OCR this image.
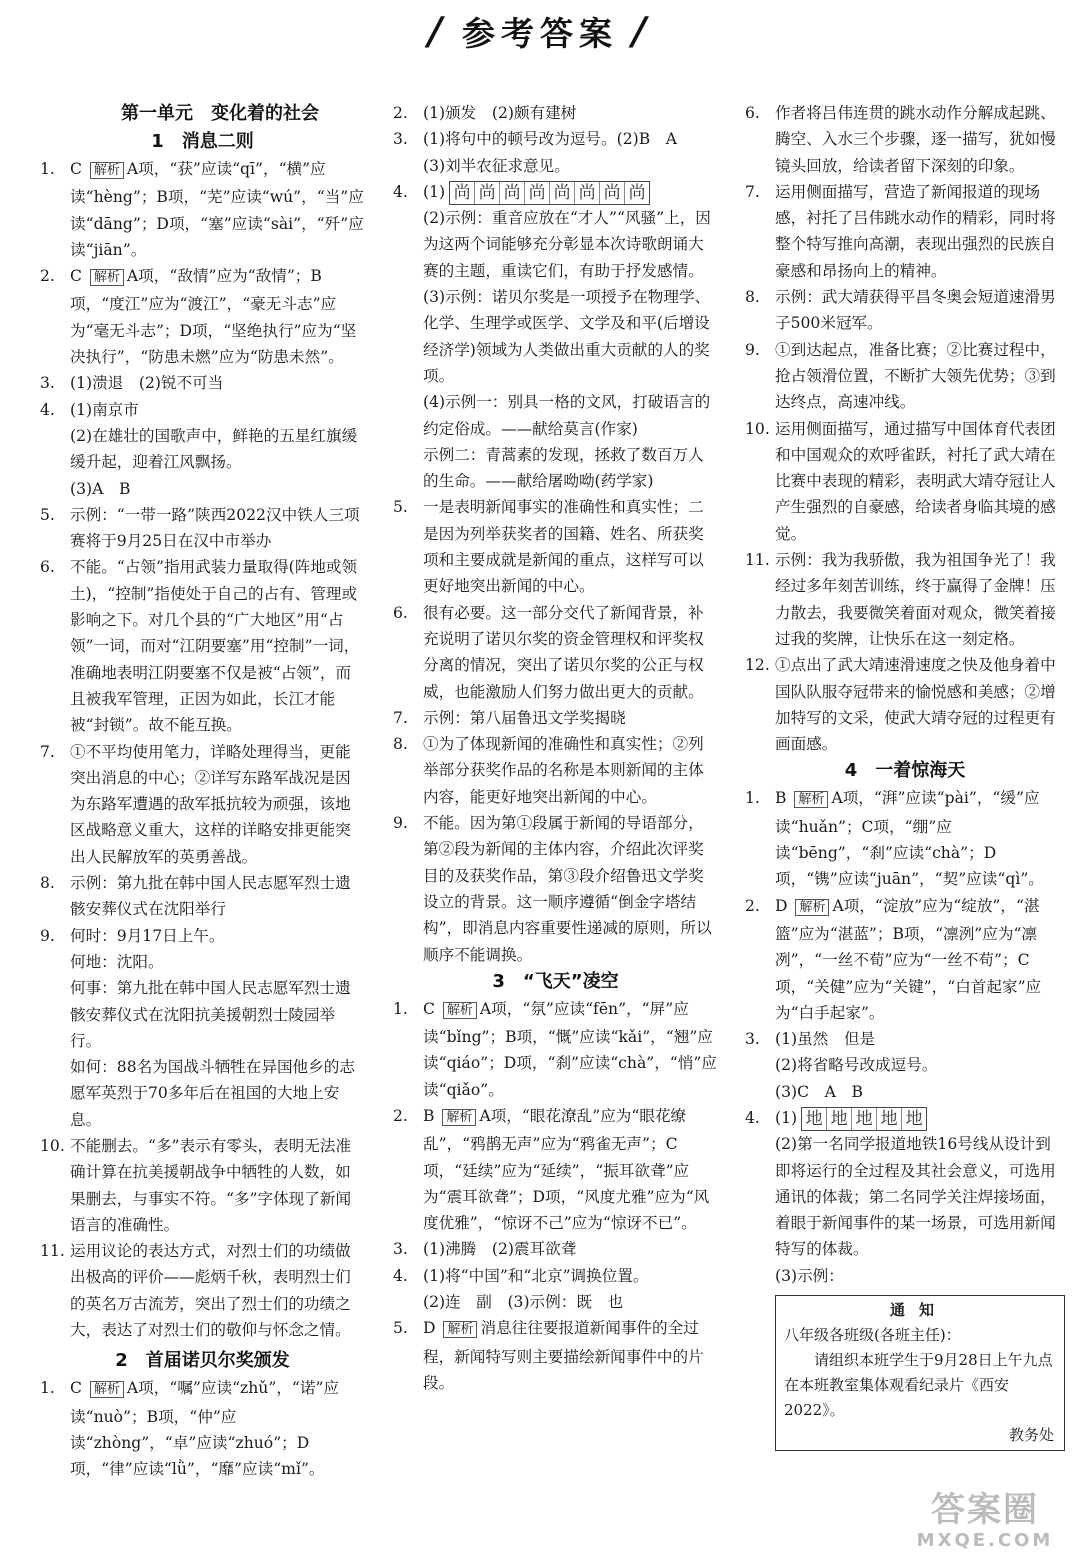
/ 参考答案 /
第一单元　变化着的社会
1　消息二则
1. C 解析 A项，“获”应读“qī”，“横”应读“hèng”；B项，“芜”应读“wú”，“当”应读“dāng”；D项，“塞”应读“sài”，“歼”应读“jiān”。
2. C 解析 A项，“敌情”应为“敌情”；B项，“度江”应为“渡江”，“豪无斗志”应为“毫无斗志”；D项，“坚绝执行”应为“坚决执行”，“防患未燃”应为“防患未然”。
3. (1)溃退　(2)锐不可当
4. (1)南京市
(2)在雄壮的国歌声中，鲜艳的五星红旗缓缓升起，迎着江风飘扬。
(3)A　B
5. 示例：“一带一路”陕西2022汉中铁人三项赛将于9月25日在汉中市举办
6. 不能。“占领”指用武装力量取得(阵地或领土)，“控制”指使处于自己的占有、管理或影响之下。对几个县的“广大地区”用“占领”一词，而对“江阴要塞”用“控制”一词，准确地表明江阴要塞不仅是被“占领”，而且被我军管理，正因为如此，长江才能被“封锁”。故不能互换。
7. ①不平均使用笔力，详略处理得当，更能突出消息的中心；②详写东路军战况是因为东路军遭遇的敌军抵抗较为顽强，该地区战略意义重大，这样的详略安排更能突出人民解放军的英勇善战。
8. 示例：第九批在韩中国人民志愿军烈士遗骸安葬仪式在沈阳举行
9. 何时：9月17日上午。
何地：沈阳。
何事：第九批在韩中国人民志愿军烈士遗骸安葬仪式在沈阳抗美援朝烈士陵园举行。
如何：88名为国战斗牺牲在异国他乡的志愿军英烈于70多年后在祖国的大地上安息。
10. 不能删去。“多”表示有零头，表明无法准确计算在抗美援朝战争中牺牲的人数，如果删去，与事实不符。“多”字体现了新闻语言的准确性。
11. 运用议论的表达方式，对烈士们的功绩做出极高的评价——彪炳千秋，表明烈士们的英名万古流芳，突出了烈士们的功绩之大，表达了对烈士们的敬仰与怀念之情。
2　首届诺贝尔奖颁发
1. C 解析 A项，“嘱”应读“zhǔ”，“诺”应读“nuò”；B项，“仲”应读“zhòng”，“卓”应读“zhuó”；D项，“律”应读“lǜ”，“靡”应读“mǐ”。
2. (1)颁发　(2)颇有建树
3. (1)将句中的顿号改为逗号。(2)B　A
(3)刘半农征求意见。
4. (1) 尚 尚 尚 尚 尚 尚 尚 尚
(2)示例：重音应放在“才人”“风骚”上，因为这两个词能够充分彰显本次诗歌朗诵大赛的主题，重读它们，有助于抒发感情。
(3)示例：诺贝尔奖是一项授予在物理学、化学、生理学或医学、文学及和平(后增设经济学)领域为人类做出重大贡献的人的奖项。
(4)示例一：别具一格的文风，打破语言的约定俗成。——献给莫言(作家)
示例二：青蒿素的发现，拯救了数百万人的生命。——献给屠呦呦(药学家)
5. 一是表明新闻事实的准确性和真实性；二是因为列举获奖者的国籍、姓名、所获奖项和主要成就是新闻的重点，这样写可以更好地突出新闻的中心。
6. 很有必要。这一部分交代了新闻背景，补充说明了诺贝尔奖的资金管理权和评奖权分离的情况，突出了诺贝尔奖的公正与权威，也能激励人们努力做出更大的贡献。
7. 示例：第八届鲁迅文学奖揭晓
8. ①为了体现新闻的准确性和真实性；②列举部分获奖作品的名称是本则新闻的主体内容，能更好地突出新闻的中心。
9. 不能。因为第①段属于新闻的导语部分，第②段为新闻的主体内容，介绍此次评奖目的及获奖作品，第③段介绍鲁迅文学奖设立的背景。这一顺序遵循“倒金字塔结构”，即消息内容重要性递减的原则，所以顺序不能调换。
3　“飞天”凌空
1. C 解析 A项，“氛”应读“fēn”，“屏”应读“bǐng”；B项，“慨”应读“kǎi”，“翘”应读“qiáo”；D项，“刹”应读“chà”，“悄”应读“qiǎo”。
2. B 解析 A项，“眼花潦乱”应为“眼花缭乱”，“鸦鹊无声”应为“鸦雀无声”；C项，“廷续”应为“延续”，“振耳欲聋”应为“震耳欲聋”；D项，“风度尤雅”应为“风度优雅”，“惊讶不己”应为“惊讶不已”。
3. (1)沸腾　(2)震耳欲聋
4. (1)将“中国”和“北京”调换位置。
(2)连　副　(3)示例：既　也
5. D 解析 消息往往要报道新闻事件的全过程，新闻特写则主要描绘新闻事件中的片段。
6. 作者将吕伟连贯的跳水动作分解成起跳、腾空、入水三个步骤，逐一描写，犹如慢镜头回放，给读者留下深刻的印象。
7. 运用侧面描写，营造了新闻报道的现场感，衬托了吕伟跳水动作的精彩，同时将整个特写推向高潮，表现出强烈的民族自豪感和昂扬向上的精神。
8. 示例：武大靖获得平昌冬奥会短道速滑男子500米冠军。
9. ①到达起点，准备比赛；②比赛过程中，抢占领滑位置，不断扩大领先优势；③到达终点，高速冲线。
10. 运用侧面描写，通过描写中国体育代表团和中国观众的欢呼雀跃，衬托了武大靖在比赛中表现的精彩，表明武大靖夺冠让人产生强烈的自豪感，给读者身临其境的感觉。
11. 示例：我为我骄傲，我为祖国争光了！我经过多年刻苦训练，终于赢得了金牌！压力散去，我要微笑着面对观众，微笑着接过我的奖牌，让快乐在这一刻定格。
12. ①点出了武大靖速滑速度之快及他身着中国队队服夺冠带来的愉悦感和美感；②增加特写的文采，使武大靖夺冠的过程更有画面感。
4　一着惊海天
1. B 解析 A项，“湃”应读“pài”，“缓”应读“huǎn”；C项，“绷”应读“bēng”，“刹”应读“chà”；D项，“镌”应读“juān”，“契”应读“qì”。
2. D 解析 A项，“淀放”应为“绽放”，“湛篮”应为“湛蓝”；B项，“凛洌”应为“凛冽”，“一丝不荀”应为“一丝不苟”；C项，“关健”应为“关键”，“白首起家”应为“白手起家”。
3. (1)虽然　但是
(2)将省略号改成逗号。
(3)C　A　B
4. (1) 地 地 地 地 地
(2)第一名同学报道地铁16号线从设计到即将运行的全过程及其社会意义，可选用通讯的体裁；第二名同学关注焊接场面，着眼于新闻事件的某一场景，可选用新闻特写的体裁。
(3)示例：
通知
八年级各班级(各班主任)：
请组织本班学生于9月28日上午九点在本班教室集体观看纪录片《西安2022》。
教务处
答案圈
MXQE.COM
